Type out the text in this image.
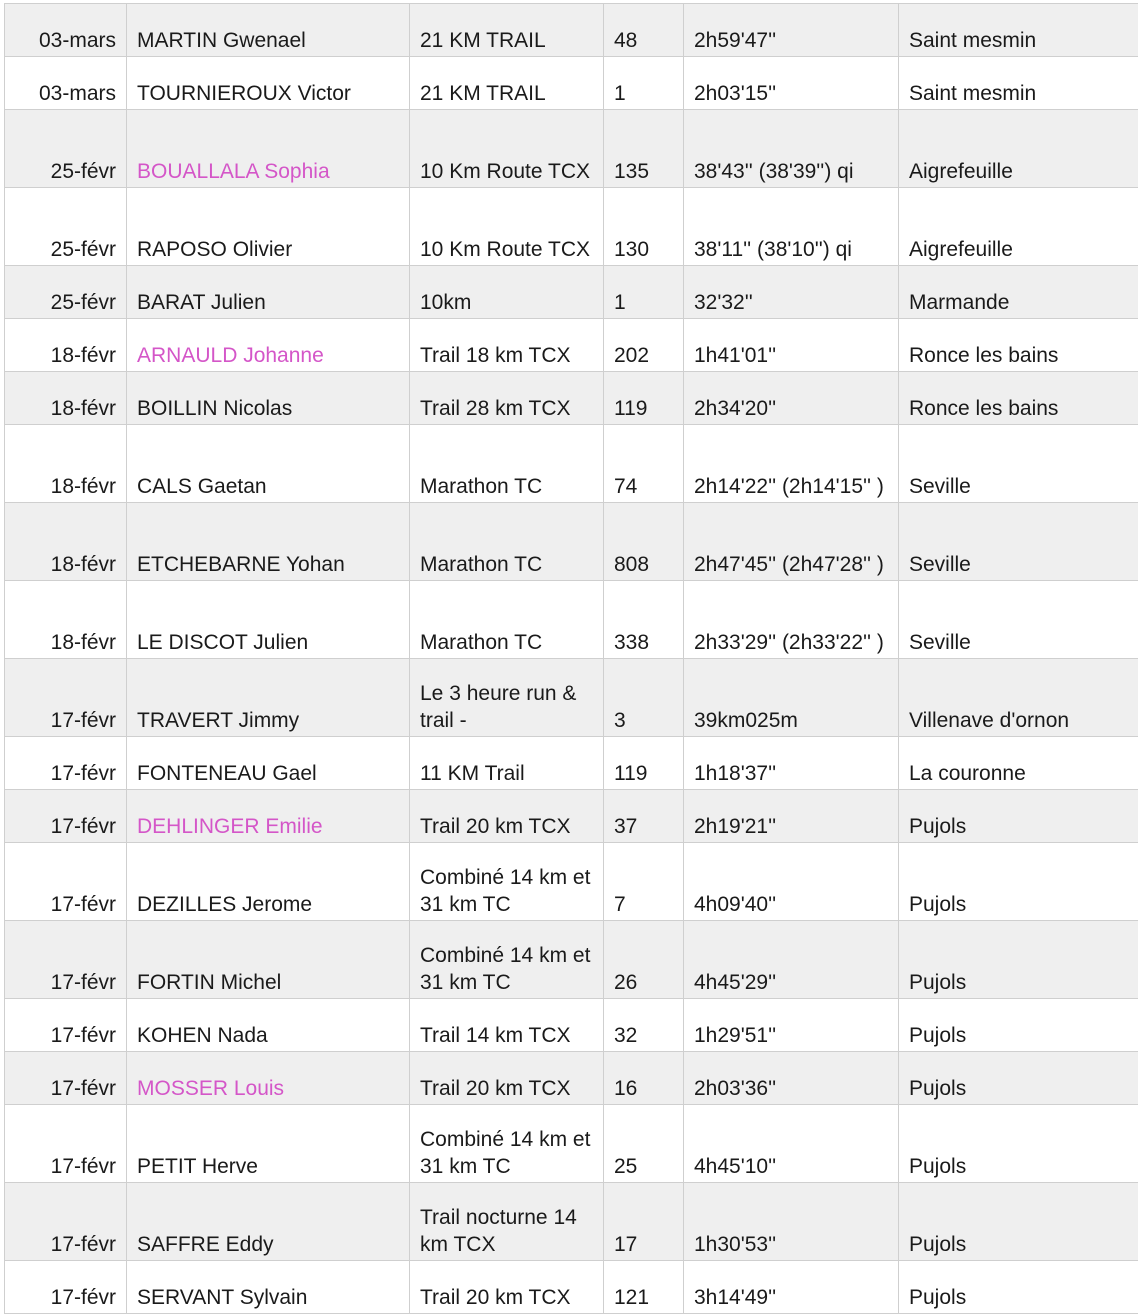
03-mars	MARTIN Gwenael	21 KM TRAIL	48	2h59'47''	Saint mesmin
03-mars	TOURNIEROUX Victor	21 KM TRAIL	1	2h03'15''	Saint mesmin
25-févr	BOUALLALA Sophia	10 Km Route TCX	135	38'43'' (38'39'') qi	Aigrefeuille
25-févr	RAPOSO Olivier	10 Km Route TCX	130	38'11'' (38'10'') qi	Aigrefeuille
25-févr	BARAT Julien	10km	1	32'32''	Marmande
18-févr	ARNAULD Johanne	Trail 18 km TCX	202	1h41'01''	Ronce les bains
18-févr	BOILLIN Nicolas	Trail 28 km TCX	119	2h34'20''	Ronce les bains
18-févr	CALS Gaetan	Marathon TC	74	2h14'22'' (2h14'15'' )	Seville
18-févr	ETCHEBARNE Yohan	Marathon TC	808	2h47'45'' (2h47'28'' )	Seville
18-févr	LE DISCOT Julien	Marathon TC	338	2h33'29'' (2h33'22'' )	Seville
17-févr	TRAVERT Jimmy	Le 3 heure run & trail -	3	39km025m	Villenave d'ornon
17-févr	FONTENEAU Gael	11 KM Trail	119	1h18'37''	La couronne
17-févr	DEHLINGER Emilie	Trail 20 km TCX	37	2h19'21''	Pujols
17-févr	DEZILLES Jerome	Combiné 14 km et 31 km TC	7	4h09'40''	Pujols
17-févr	FORTIN Michel	Combiné 14 km et 31 km TC	26	4h45'29''	Pujols
17-févr	KOHEN Nada	Trail 14 km TCX	32	1h29'51''	Pujols
17-févr	MOSSER Louis	Trail 20 km TCX	16	2h03'36''	Pujols
17-févr	PETIT Herve	Combiné 14 km et 31 km TC	25	4h45'10''	Pujols
17-févr	SAFFRE Eddy	Trail nocturne 14 km TCX	17	1h30'53''	Pujols
17-févr	SERVANT Sylvain	Trail 20 km TCX	121	3h14'49''	Pujols
